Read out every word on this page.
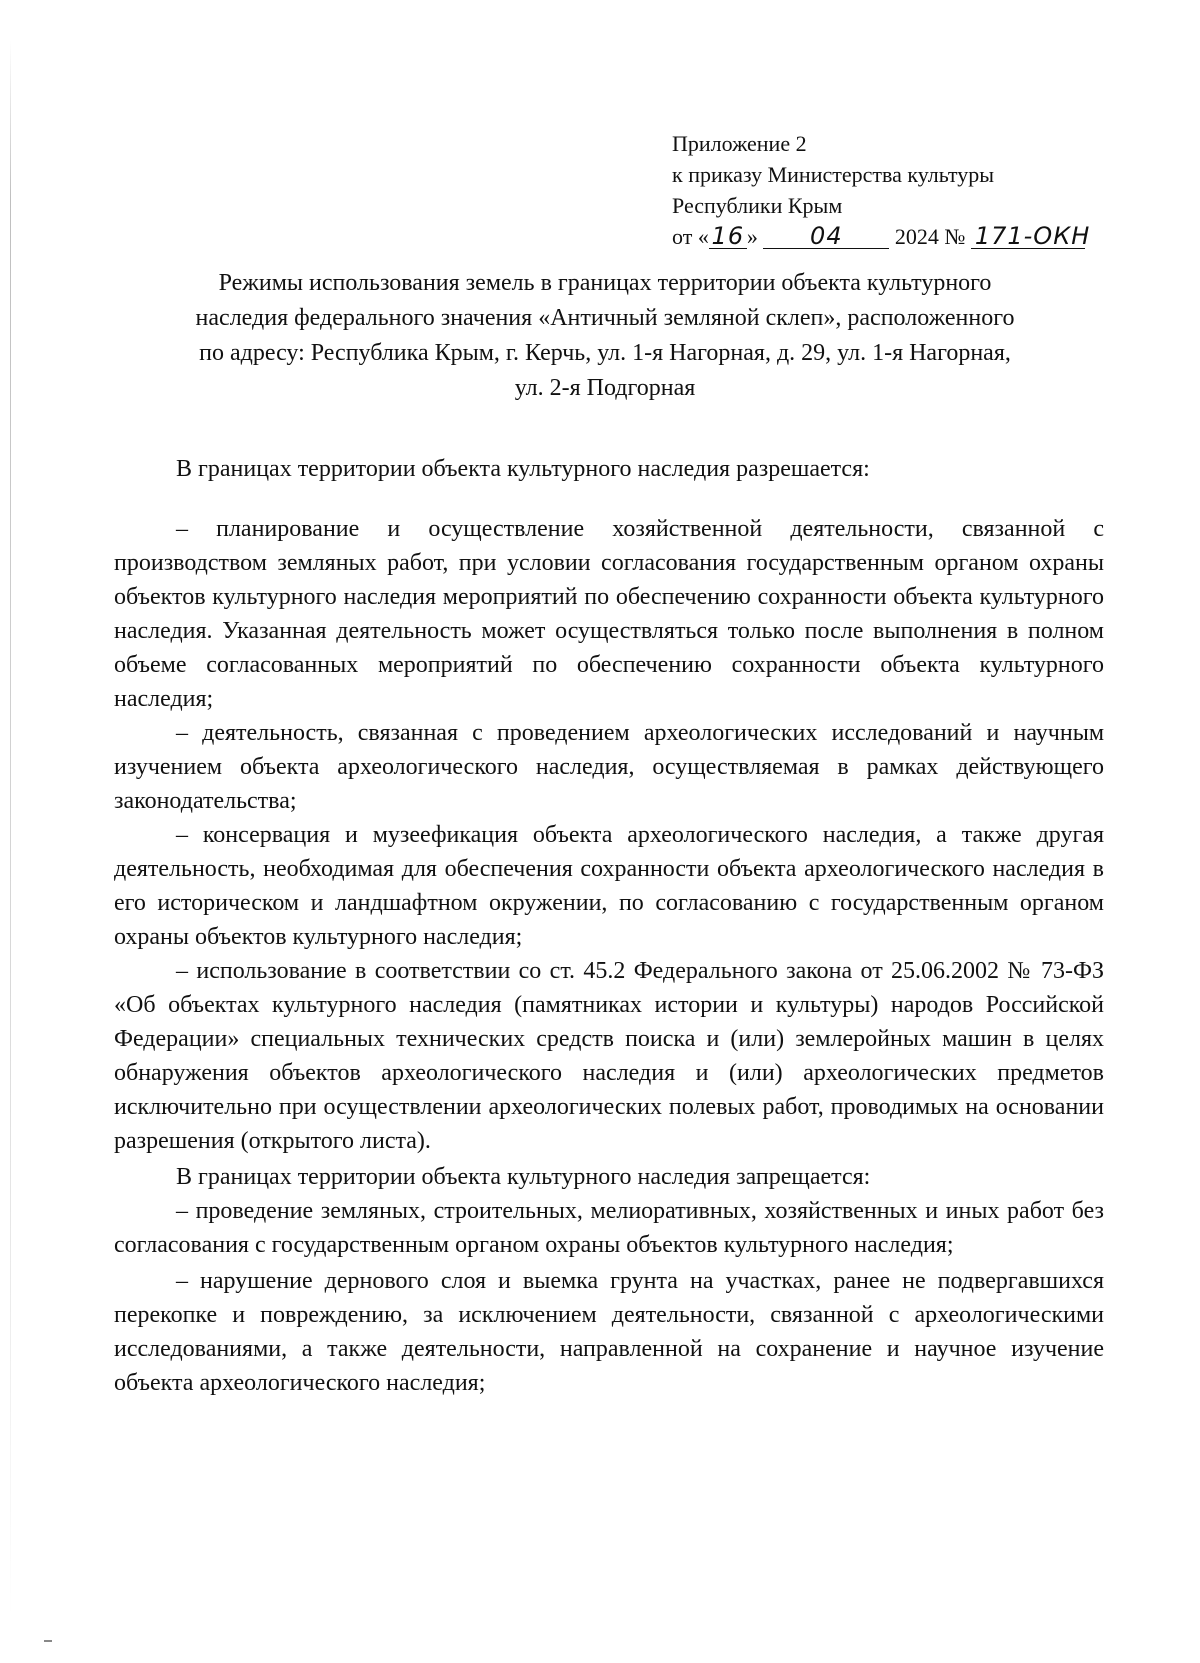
Приложение 2
к приказу Министерства культуры
Республики Крым
от « 16 » 04 2024 № 171-ОКН
Режимы использования земель в границах территории объекта культурного
наследия федерального значения «Античный земляной склеп», расположенного
по адресу: Республика Крым, г. Керчь, ул. 1-я Нагорная, д. 29, ул. 1-я Нагорная,
ул. 2-я Подгорная

В границах территории объекта культурного наследия разрешается:

– планирование и осуществление хозяйственной деятельности, связанной с производством земляных работ, при условии согласования государственным органом охраны объектов культурного наследия мероприятий по обеспечению сохранности объекта культурного наследия. Указанная деятельность может осуществляться только после выполнения в полном объеме согласованных мероприятий по обеспечению сохранности объекта культурного наследия;

– деятельность, связанная с проведением археологических исследований и научным изучением объекта археологического наследия, осуществляемая в рамках действующего законодательства;

– консервация и музеефикация объекта археологического наследия, а также другая деятельность, необходимая для обеспечения сохранности объекта археологического наследия в его историческом и ландшафтном окружении, по согласованию с государственным органом охраны объектов культурного наследия;

– использование в соответствии со ст. 45.2 Федерального закона от 25.06.2002 № 73-ФЗ «Об объектах культурного наследия (памятниках истории и культуры) народов Российской Федерации» специальных технических средств поиска и (или) землеройных машин в целях обнаружения объектов археологического наследия и (или) археологических предметов исключительно при осуществлении археологических полевых работ, проводимых на основании разрешения (открытого листа).

В границах территории объекта культурного наследия запрещается:

– проведение земляных, строительных, мелиоративных, хозяйственных и иных работ без согласования с государственным органом охраны объектов культурного наследия;

– нарушение дернового слоя и выемка грунта на участках, ранее не подвергавшихся перекопке и повреждению, за исключением деятельности, связанной с археологическими исследованиями, а также деятельности, направленной на сохранение и научное изучение объекта археологического наследия;
